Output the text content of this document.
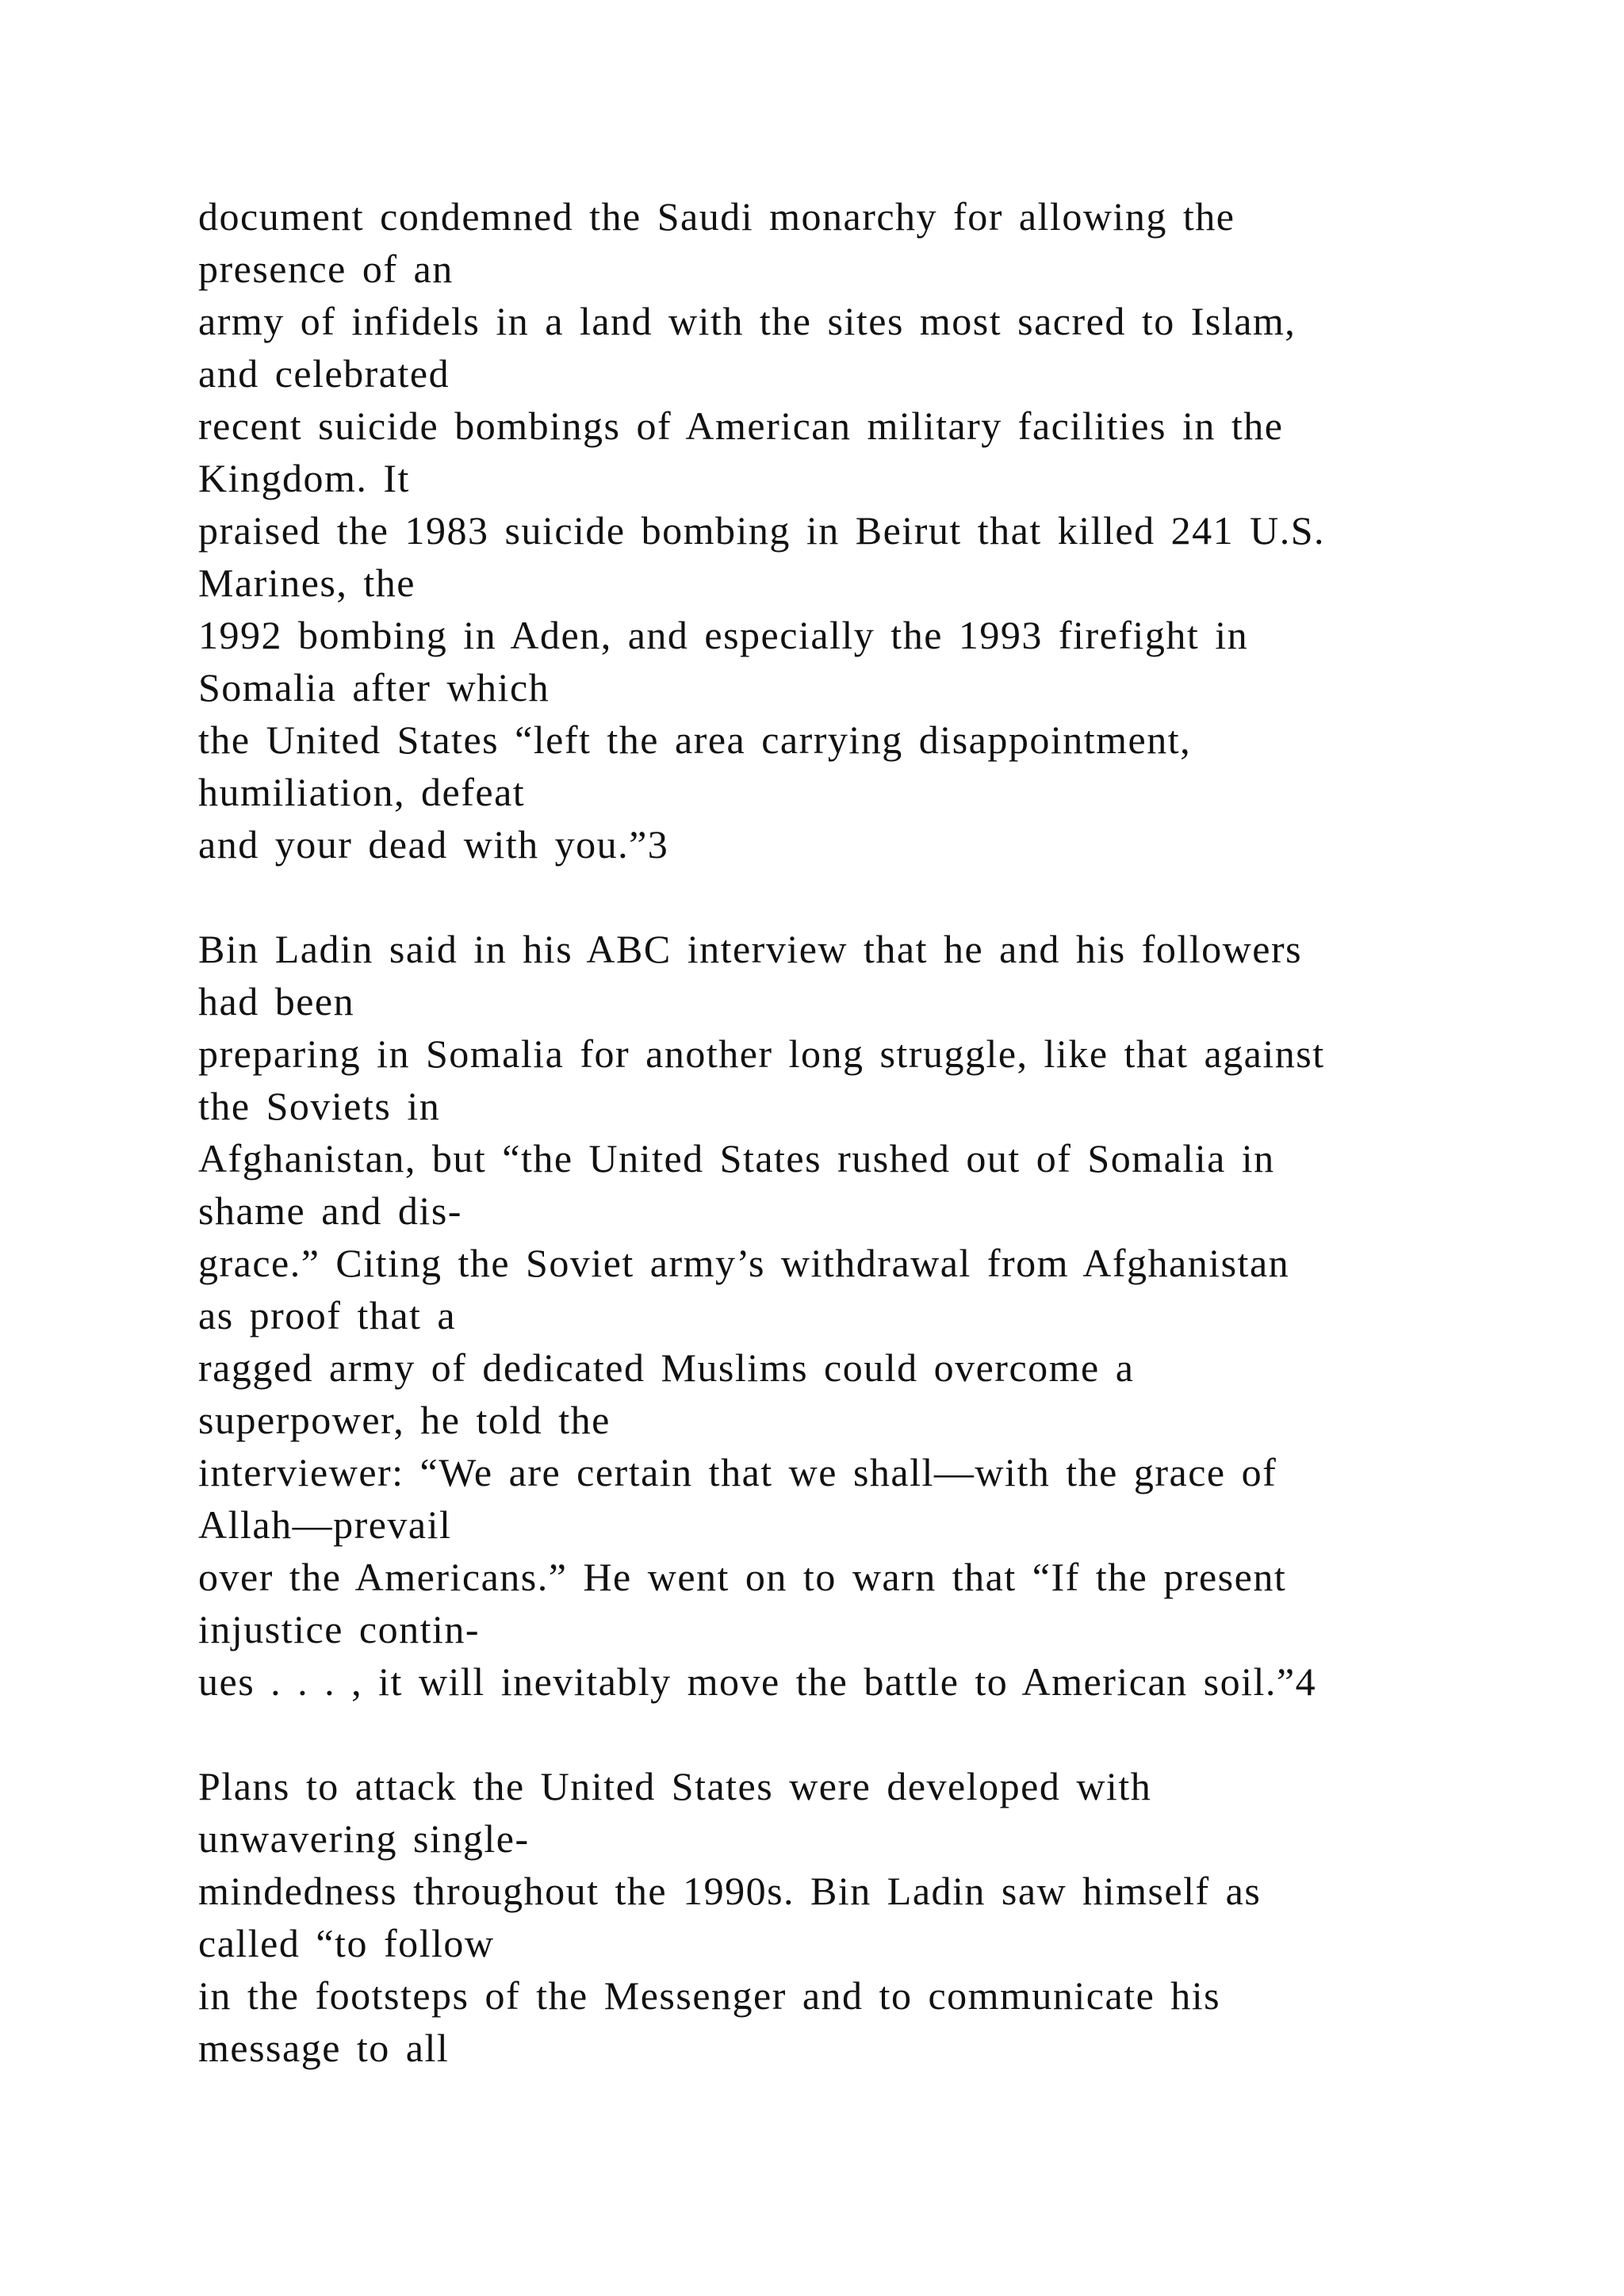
document condemned the Saudi monarchy for allowing the
presence of an
army of infidels in a land with the sites most sacred to Islam,
and celebrated
recent suicide bombings of American military facilities in the
Kingdom. It
praised the 1983 suicide bombing in Beirut that killed 241 U.S.
Marines, the
1992 bombing in Aden, and especially the 1993 firefight in
Somalia after which
the United States “left the area carrying disappointment,
humiliation, defeat
and your dead with you.”3
Bin Ladin said in his ABC interview that he and his followers
had been
preparing in Somalia for another long struggle, like that against
the Soviets in
Afghanistan, but “the United States rushed out of Somalia in
shame and dis-
grace.” Citing the Soviet army’s withdrawal from Afghanistan
as proof that a
ragged army of dedicated Muslims could overcome a
superpower, he told the
interviewer: “We are certain that we shall—with the grace of
Allah—prevail
over the Americans.” He went on to warn that “If the present
injustice contin-
ues . . . , it will inevitably move the battle to American soil.”4
Plans to attack the United States were developed with
unwavering single-
mindedness throughout the 1990s. Bin Ladin saw himself as
called “to follow
in the footsteps of the Messenger and to communicate his
message to all
